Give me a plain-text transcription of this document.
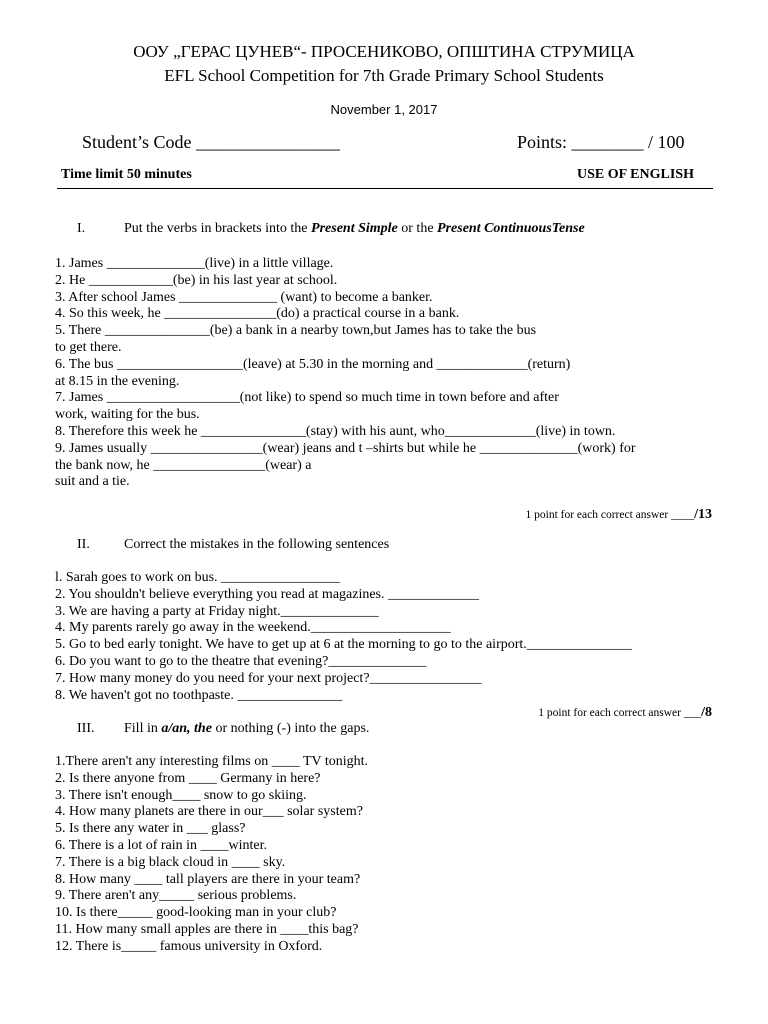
ООУ „ГЕРАС ЦУНЕВ“- ПРОСЕНИКОВО, ОПШТИНА СТРУМИЦА
EFL School Competition for 7th Grade Primary School Students
November 1, 2017
Student’s Code ________________	Points: ________ / 100
Time limit 50 minutes	USE OF ENGLISH
I.	Put the verbs in brackets into the Present Simple or the Present ContinuousTense
1. James ______________(live) in a little village.
2. He ____________(be) in his last year at school.
3. After school James ______________ (want) to become a banker.
4. So this week, he ________________(do) a practical course in a bank.
5. There _______________(be) a bank in a nearby town,but James has to take the bus
to get there.
6. The bus __________________(leave) at 5.30 in the morning and _____________(return)
at 8.15 in the evening.
7. James ___________________(not like) to spend so much time in town before and after
work, waiting for the bus.
8. Therefore this week he _______________(stay) with his aunt, who_____________(live) in town.
9. James usually ________________(wear) jeans and t –shirts but while he ______________(work) for
the bank now, he ________________(wear) a
suit and a tie.
1 point for each correct answer ____/13
II. Correct the mistakes in the following sentences
l. Sarah goes to work on bus. _________________
2. You shouldn't believe everything you read at magazines. _____________
3. We are having a party at Friday night.______________
4. My parents rarely go away in the weekend.____________________
5. Go to bed early tonight. We have to get up at 6 at the morning to go to the airport._______________
6. Do you want to go to the theatre that evening?______________
7. How many money do you need for your next project?________________
8. We haven't got no toothpaste. _______________
1 point for each correct answer ___/8
III. Fill in a/an, the or nothing (-) into the gaps.
1.There aren't any interesting films on ____ TV tonight.
2. Is there anyone from ____ Germany in here?
3. There isn't enough____ snow to go skiing.
4. How many planets are there in our___ solar system?
5. Is there any water in ___ glass?
6. There is a lot of rain in ____winter.
7. There is a big black cloud in ____ sky.
8. How many ____ tall players are there in your team?
9. There aren't any_____ serious problems.
10. Is there_____ good-looking man in your club?
11. How many small apples are there in ____this bag?
12. There is_____ famous university in Oxford.
